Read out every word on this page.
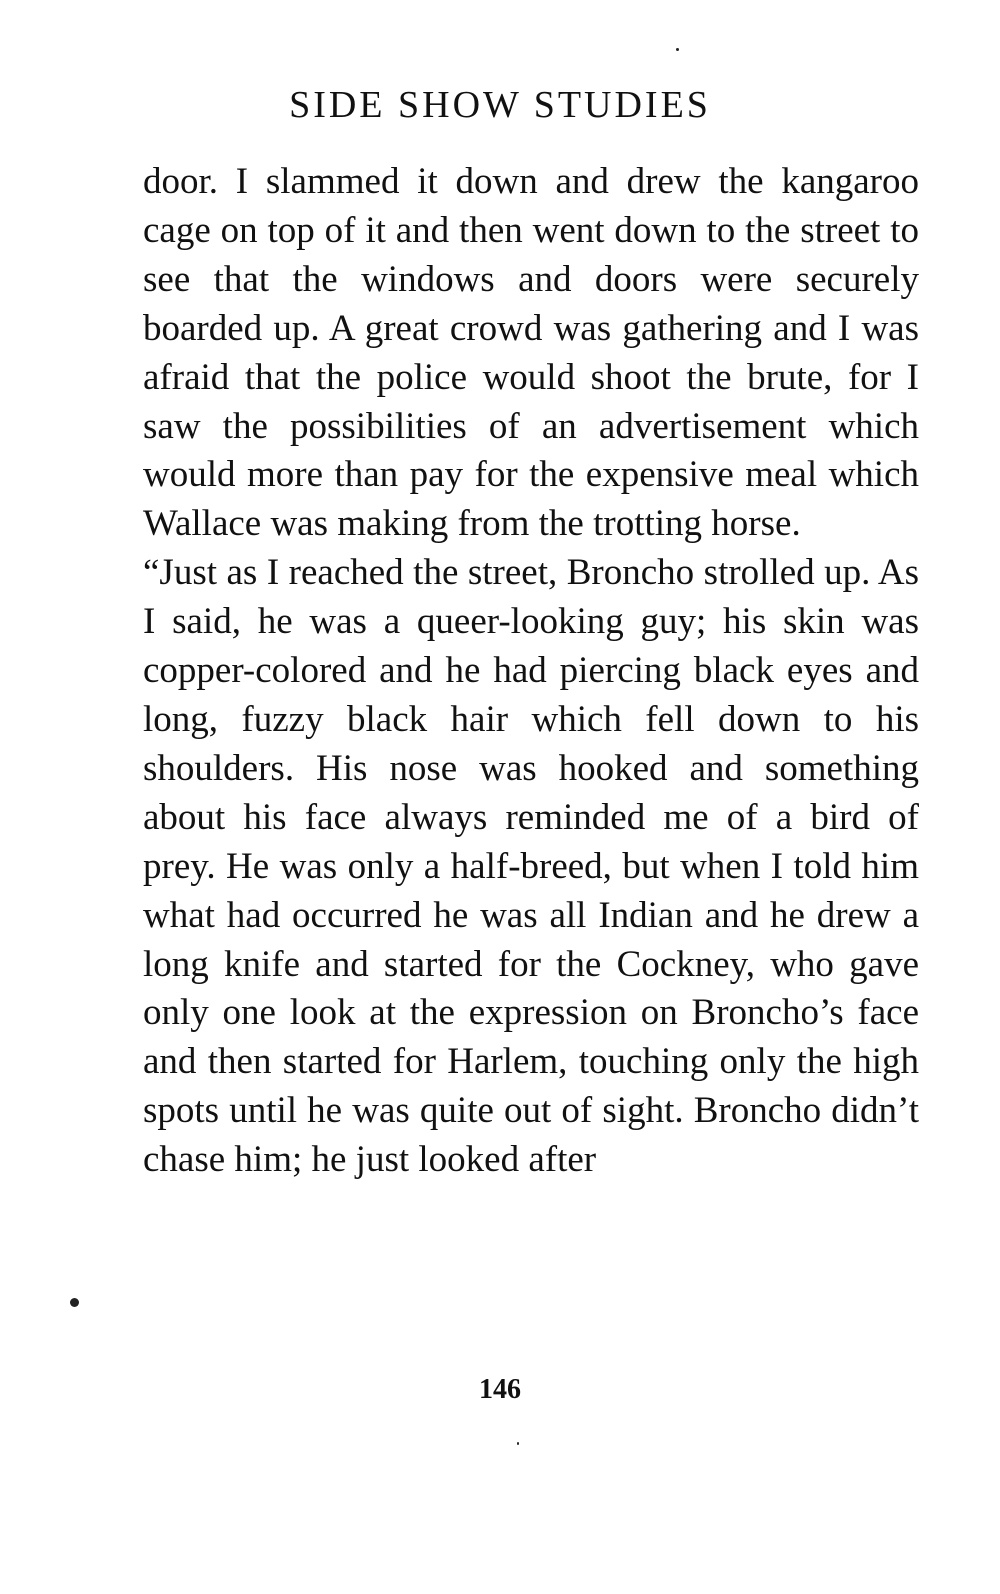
SIDE SHOW STUDIES

door. I slammed it down and drew the kangaroo cage on top of it and then went down to the street to see that the windows and doors were securely boarded up. A great crowd was gathering and I was afraid that the police would shoot the brute, for I saw the possibilities of an advertisement which would more than pay for the expensive meal which Wallace was making from the trotting horse.

“Just as I reached the street, Broncho strolled up. As I said, he was a queer-looking guy; his skin was copper-colored and he had piercing black eyes and long, fuzzy black hair which fell down to his shoulders. His nose was hooked and something about his face always reminded me of a bird of prey. He was only a half-breed, but when I told him what had occurred he was all Indian and he drew a long knife and started for the Cockney, who gave only one look at the expression on Broncho’s face and then started for Harlem, touching only the high spots until he was quite out of sight. Broncho didn’t chase him; he just looked after

146
